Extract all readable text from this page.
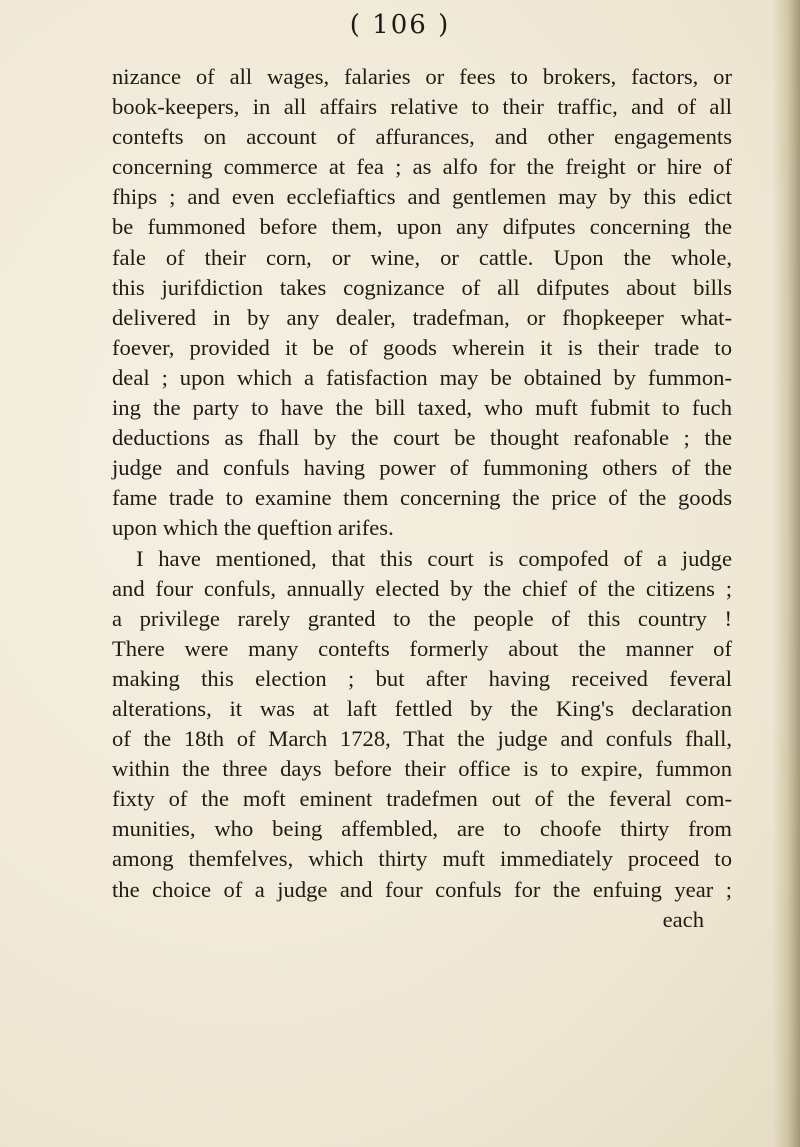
( 106 )
nizance of all wages, falaries or fees to brokers, factors, or
book-keepers, in all affairs relative to their traffic, and of all
contefts on account of affurances, and other engagements
concerning commerce at fea ; as alfo for the freight or hire of
fhips ; and even ecclefiaftics and gentlemen may by this edict
be fummoned before them, upon any difputes concerning the
fale of their corn, or wine, or cattle. Upon the whole,
this jurifdiction takes cognizance of all difputes about bills
delivered in by any dealer, tradefman, or fhopkeeper what-
foever, provided it be of goods wherein it is their trade to
deal ; upon which a fatisfaction may be obtained by fummon-
ing the party to have the bill taxed, who muft fubmit to fuch
deductions as fhall by the court be thought reafonable ; the
judge and confuls having power of fummoning others of the
fame trade to examine them concerning the price of the goods
upon which the queftion arifes.
I have mentioned, that this court is compofed of a judge
and four confuls, annually elected by the chief of the citizens ;
a privilege rarely granted to the people of this country !
There were many contefts formerly about the manner of
making this election ; but after having received feveral
alterations, it was at laft fettled by the King's declaration
of the 18th of March 1728, That the judge and confuls fhall,
within the three days before their office is to expire, fummon
fixty of the moft eminent tradefmen out of the feveral com-
munities, who being affembled, are to choofe thirty from
among themfelves, which thirty muft immediately proceed to
the choice of a judge and four confuls for the enfuing year ;
each
